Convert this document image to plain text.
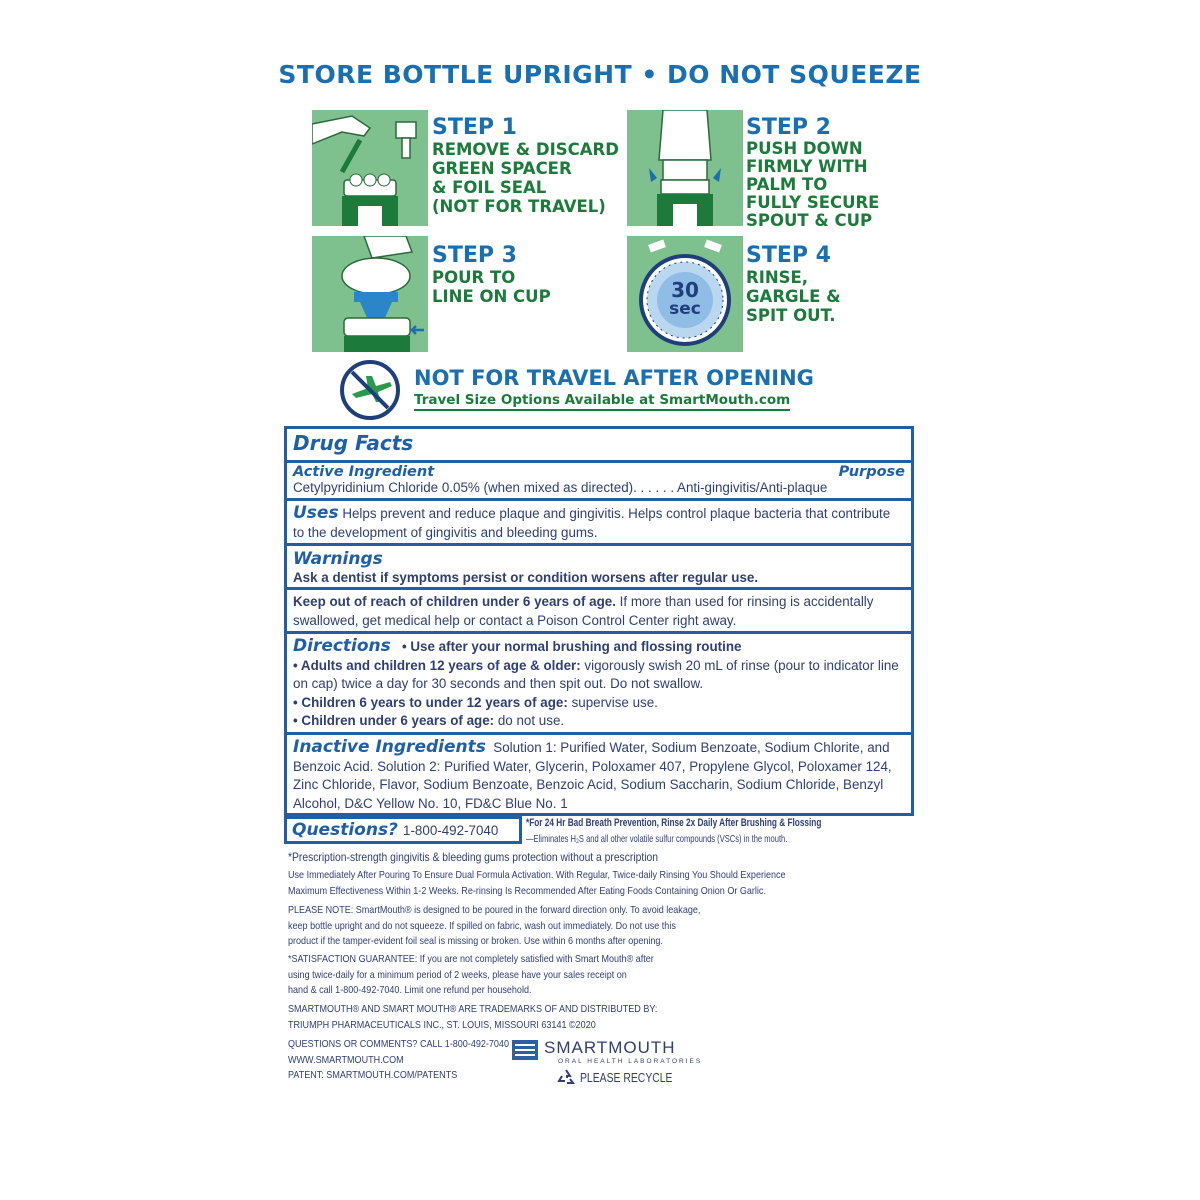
STORE BOTTLE UPRIGHT • DO NOT SQUEEZE
STEP 1
REMOVE & DISCARD
GREEN SPACER
& FOIL SEAL
(NOT FOR TRAVEL)
STEP 2
PUSH DOWN
FIRMLY WITH
PALM TO
FULLY SECURE
SPOUT & CUP
STEP 3
POUR TO
LINE ON CUP	30
sec
STEP 4
RINSE,
GARGLE &
SPIT OUT.
NOT FOR TRAVEL AFTER OPENING
Travel Size Options Available at SmartMouth.com
Drug Facts
Active Ingredient	Purpose
Cetylpyridinium Chloride 0.05% (when mixed as directed). . . . . . Anti-gingivitis/Anti-plaque
Uses Helps prevent and reduce plaque and gingivitis. Helps control plaque bacteria that contribute to the development of gingivitis and bleeding gums.
Warnings
Ask a dentist if symptoms persist or condition worsens after regular use.
Keep out of reach of children under 6 years of age. If more than used for rinsing is accidentally swallowed, get medical help or contact a Poison Control Center right away.
Directions • Use after your normal brushing and flossing routine
• Adults and children 12 years of age & older: vigorously swish 20 mL of rinse (pour to indicator line on cap) twice a day for 30 seconds and then spit out. Do not swallow.
• Children 6 years to under 12 years of age: supervise use.
• Children under 6 years of age: do not use.
Inactive Ingredients Solution 1: Purified Water, Sodium Benzoate, Sodium Chlorite, and Benzoic Acid. Solution 2: Purified Water, Glycerin, Poloxamer 407, Propylene Glycol, Poloxamer 124, Zinc Chloride, Flavor, Sodium Benzoate, Benzoic Acid, Sodium Saccharin, Sodium Chloride, Benzyl Alcohol, D&C Yellow No. 10, FD&C Blue No. 1
Questions? 1-800-492-7040	*For 24 Hr Bad Breath Prevention, Rinse 2x Daily After Brushing & Flossing
—Eliminates H₂S and all other volatile sulfur compounds (VSCs) in the mouth.
*Prescription-strength gingivitis & bleeding gums protection without a prescription
Use Immediately After Pouring To Ensure Dual Formula Activation. With Regular, Twice-daily Rinsing You Should Experience
Maximum Effectiveness Within 1-2 Weeks. Re-rinsing Is Recommended After Eating Foods Containing Onion Or Garlic.
PLEASE NOTE: SmartMouth® is designed to be poured in the forward direction only. To avoid leakage,
keep bottle upright and do not squeeze. If spilled on fabric, wash out immediately. Do not use this
product if the tamper-evident foil seal is missing or broken. Use within 6 months after opening.
*SATISFACTION GUARANTEE: If you are not completely satisfied with Smart Mouth® after
using twice-daily for a minimum period of 2 weeks, please have your sales receipt on
hand & call 1-800-492-7040. Limit one refund per household.
SMARTMOUTH® AND SMART MOUTH® ARE TRADEMARKS OF AND DISTRIBUTED BY:
TRIUMPH PHARMACEUTICALS INC., ST. LOUIS, MISSOURI 63141 ©2020
QUESTIONS OR COMMENTS? CALL 1-800-492-7040
WWW.SMARTMOUTH.COM
PATENT: SMARTMOUTH.COM/PATENTS
SMARTMOUTH
ORAL HEALTH LABORATORIES
PLEASE RECYCLE
